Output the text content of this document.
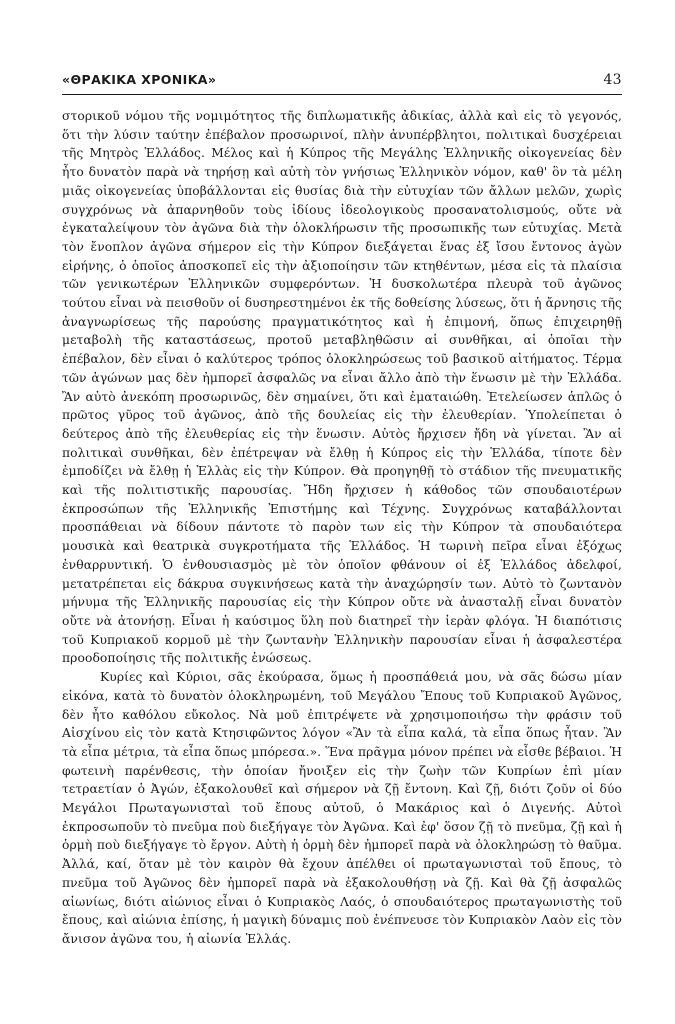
«ΘΡΑΚΙΚΑ ΧΡΟΝΙΚΑ»	43

στορικοῦ νόμου τῆς νομιμότητος τῆς διπλωματικῆς ἀδικίας, ἀλλὰ καὶ εἰς τὸ γεγονός, ὅτι τὴν λύσιν ταύτην ἐπέβαλον προσωρινοί, πλὴν ἀνυπέρβλητοι, πολιτικαὶ δυσχέρειαι τῆς Μητρὸς Ἑλλάδος. Μέλος καὶ ἡ Κύπρος τῆς Μεγάλης Ἑλληνικῆς οἰκογενείας δὲν ἦτο δυνατὸν παρὰ νὰ τηρήσῃ καὶ αὐτὴ τὸν γνήσιως Ἑλληνικὸν νόμον, καθ' ὃν τὰ μέλη μιᾶς οἰκογενείας ὑποβάλλονται εἰς θυσίας διὰ τὴν εὐτυχίαν τῶν ἄλλων μελῶν, χωρὶς συγχρόνως νὰ ἀπαρνηθοῦν τοὺς ἰδίους ἰδεολογικοὺς προσανατολισμούς, οὔτε νὰ ἐγκαταλείψουν τὸν ἀγῶνα διὰ τὴν ὁλοκλήρωσιν τῆς προσωπικῆς των εὐτυχίας. Μετὰ τὸν ἔνοπλον ἀγῶνα σήμερον εἰς τὴν Κύπρον διεξάγεται ἕνας ἐξ ἴσου ἔντονος ἀγὼν εἰρήνης, ὁ ὁποῖος ἀποσκοπεῖ εἰς τὴν ἀξιοποίησιν τῶν κτηθέντων, μέσα εἰς τὰ πλαίσια τῶν γενικωτέρων Ἑλληνικῶν συμφερόντων. Ἡ δυσκολωτέρα πλευρὰ τοῦ ἀγῶνος τούτου εἶναι νὰ πεισθοῦν οἱ δυσηρεστημένοι ἐκ τῆς δοθείσης λύσεως, ὅτι ἡ ἄρνησις τῆς ἀναγνωρίσεως τῆς παρούσης πραγματικότητος καὶ ἡ ἐπιμονή, ὅπως ἐπιχειρηθῇ μεταβολὴ τῆς καταστάσεως, προτοῦ μεταβληθῶσιν αἱ συνθῆκαι, αἱ ὁποῖαι τὴν ἐπέβαλον, δὲν εἶναι ὁ καλύτερος τρόπος ὁλοκληρώσεως τοῦ βασικοῦ αἰτήματος. Τέρμα τῶν ἀγώνων μας δὲν ἠμπορεῖ ἀσφαλῶς να εἶναι ἄλλο ἀπὸ τὴν ἕνωσιν μὲ τὴν Ἑλλάδα. Ἂν αὐτὸ ἀνεκόπη προσωρινῶς, δὲν σημαίνει, ὅτι καὶ ἐματαιώθη. Ἐτελείωσεν ἁπλῶς ὁ πρῶτος γῦρος τοῦ ἀγῶνος, ἀπὸ τῆς δουλείας εἰς τὴν ἐλευθερίαν. Ὑπολείπεται ὁ δεύτερος ἀπὸ τῆς ἐλευθερίας εἰς τὴν ἕνωσιν. Αὐτὸς ἤρχισεν ἤδη νὰ γίνεται. Ἂν αἱ πολιτικαὶ συνθῆκαι, δὲν ἐπέτρεψαν νὰ ἔλθῃ ἡ Κύπρος εἰς τὴν Ἑλλάδα, τίποτε δὲν ἐμποδίζει νὰ ἔλθῃ ἡ Ἑλλὰς εἰς τὴν Κύπρον. Θὰ προηγηθῇ τὸ στάδιον τῆς πνευματικῆς καὶ τῆς πολιτιστικῆς παρουσίας. Ἤδη ἤρχισεν ἡ κάθοδος τῶν σπουδαιοτέρων ἐκπροσώπων τῆς Ἑλληνικῆς Ἐπιστήμης καὶ Τέχνης. Συγχρόνως καταβάλλονται προσπάθειαι νὰ δίδουν πάντοτε τὸ παρὸν των εἰς τὴν Κύπρον τὰ σπουδαιότερα μουσικὰ καὶ θεατρικὰ συγκροτήματα τῆς Ἑλλάδος. Ἡ τωρινὴ πεῖρα εἶναι ἐξόχως ἐνθαρρυντική. Ὁ ἐνθουσιασμὸς μὲ τὸν ὁποῖον φθάνουν οἱ ἐξ Ἑλλάδος ἀδελφοί, μετατρέπεται εἰς δάκρυα συγκινήσεως κατὰ τὴν ἀναχώρησίν των. Αὐτὸ τὸ ζωντανὸν μήνυμα τῆς Ἑλληνικῆς παρουσίας εἰς τὴν Κύπρον οὔτε νὰ ἀνασταλῇ εἶναι δυνατὸν οὔτε νὰ ἀτονήσῃ. Εἶναι ἡ καύσιμος ὕλη ποὺ διατηρεῖ τὴν ἱερὰν φλόγα. Ἡ διαπότισις τοῦ Κυπριακοῦ κορμοῦ μὲ τὴν ζωντανὴν Ἑλληνικὴν παρουσίαν εἶναι ἡ ἀσφαλεστέρα προοδοποίησις τῆς πολιτικῆς ἑνώσεως.

Κυρίες καὶ Κύριοι, σᾶς ἐκούρασα, ὅμως ἡ προσπάθειά μου, νὰ σᾶς δώσω μίαν εἰκόνα, κατὰ τὸ δυνατὸν ὁλοκληρωμένη, τοῦ Μεγάλου Ἔπους τοῦ Κυπριακοῦ Ἀγῶνος, δὲν ἦτο καθόλου εὔκολος. Νὰ μοῦ ἐπιτρέψετε νὰ χρησιμοποιήσω τὴν φράσιν τοῦ Αἰσχίνου εἰς τὸν κατὰ Κτησιφῶντος λόγον «Ἂν τὰ εἶπα καλά, τὰ εἶπα ὅπως ἦταν. Ἂν τὰ εἶπα μέτρια, τὰ εἶπα ὅπως μπόρεσα.». Ἕνα πρᾶγμα μόνον πρέπει νὰ εἶσθε βέβαιοι. Ἡ φωτεινὴ παρένθεσις, τὴν ὁποίαν ἤνοιξεν εἰς τὴν ζωὴν τῶν Κυπρίων ἐπὶ μίαν τετραετίαν ὁ Ἀγών, ἐξακολουθεῖ καὶ σήμερον νὰ ζῇ ἔντονη. Καὶ ζῇ, διότι ζοῦν οἱ δύο Μεγάλοι Πρωταγωνισταὶ τοῦ ἔπους αὐτοῦ, ὁ Μακάριος καὶ ὁ Διγενής. Αὐτοὶ ἐκπροσωποῦν τὸ πνεῦμα ποὺ διεξήγαγε τὸν Ἀγῶνα. Καὶ ἐφ' ὅσον ζῇ τὸ πνεῦμα, ζῇ καὶ ἡ ὁρμὴ ποὺ διεξήγαγε τὸ ἔργον. Αὐτὴ ἡ ὁρμὴ δὲν ἠμπορεῖ παρὰ νὰ ὁλοκληρώσῃ τὸ θαῦμα. Ἀλλά, καί, ὅταν μὲ τὸν καιρὸν θὰ ἔχουν ἀπέλθει οἱ πρωταγωνισταὶ τοῦ ἔπους, τὸ πνεῦμα τοῦ Ἀγῶνος δὲν ἠμπορεῖ παρὰ νὰ ἐξακολουθήσῃ νὰ ζῇ. Καὶ θὰ ζῇ ἀσφαλῶς αἰωνίως, διότι αἰώνιος εἶναι ὁ Κυπριακὸς Λαός, ὁ σπουδαιότερος πρωταγωνιστὴς τοῦ ἔπους, καὶ αἰώνια ἐπίσης, ἡ μαγικὴ δύναμις ποὺ ἐνέπνευσε τὸν Κυπριακὸν Λαὸν εἰς τὸν ἄνισον ἀγῶνα του, ἡ αἰωνία Ἑλλάς.
